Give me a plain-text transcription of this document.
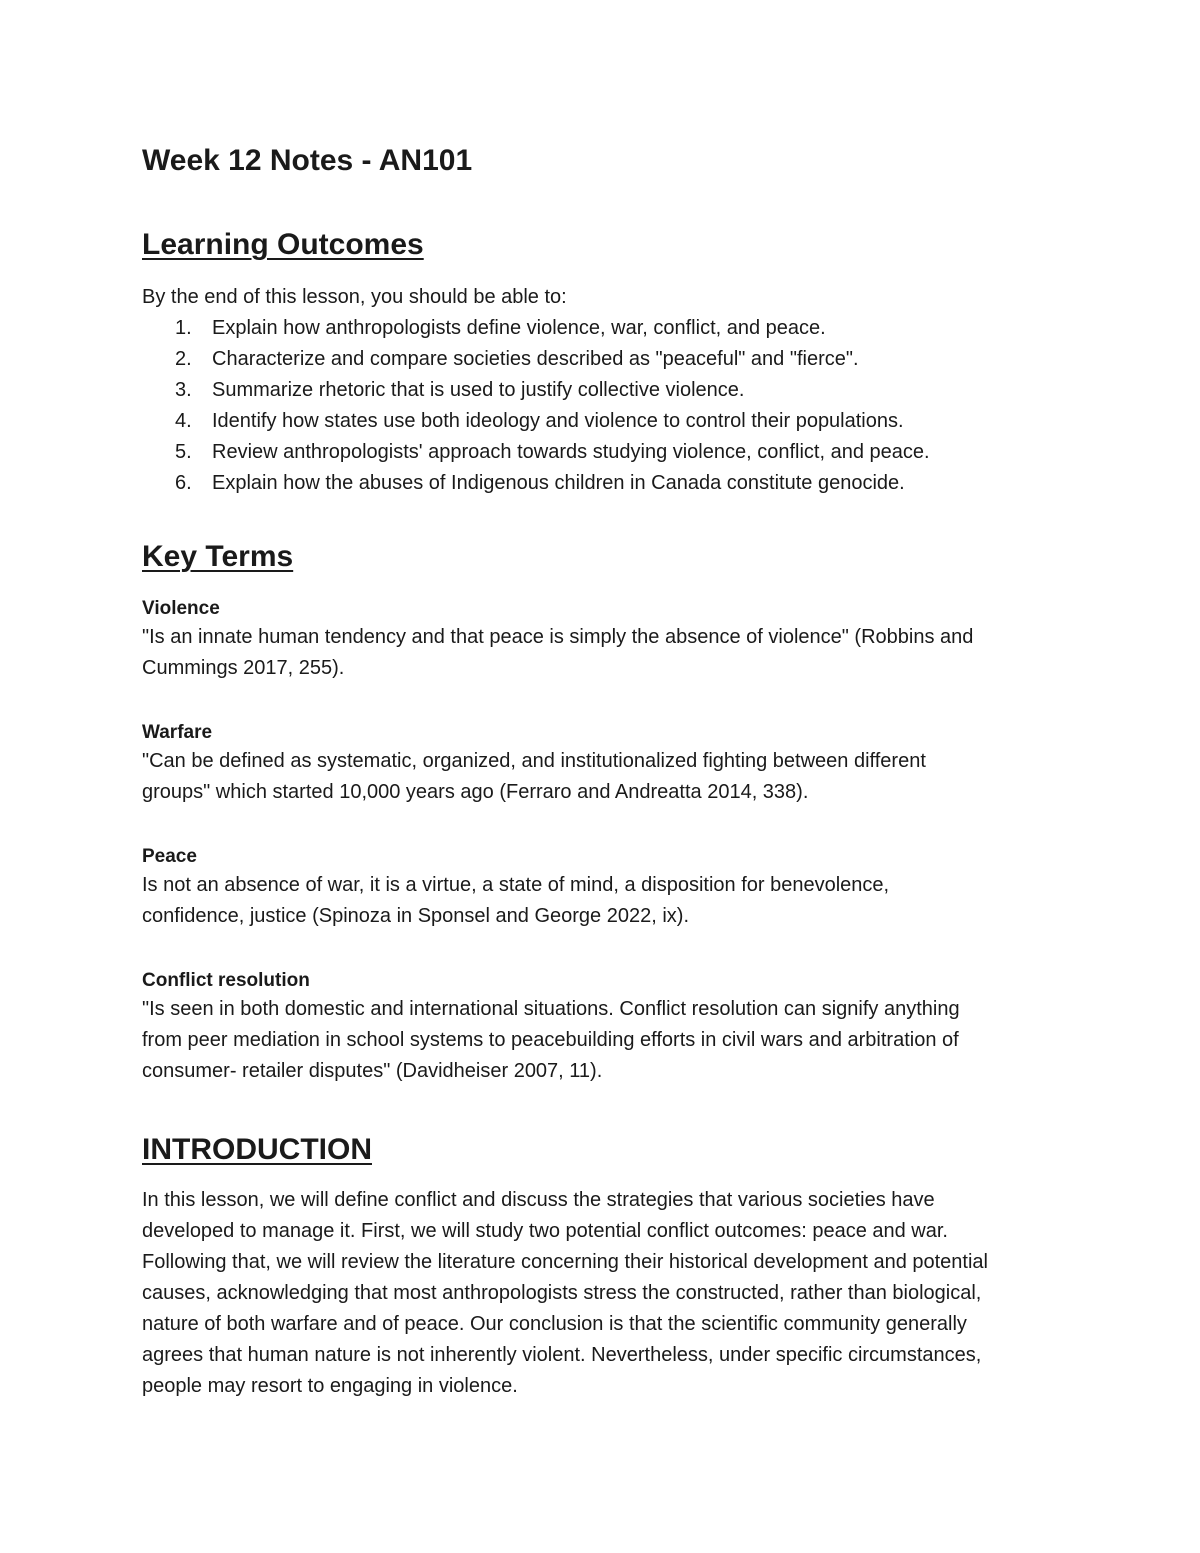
Week 12 Notes - AN101
Learning Outcomes

By the end of this lesson, you should be able to:

1. Explain how anthropologists define violence, war, conflict, and peace.
2. Characterize and compare societies described as "peaceful" and "fierce".
3. Summarize rhetoric that is used to justify collective violence.
4. Identify how states use both ideology and violence to control their populations.
5. Review anthropologists' approach towards studying violence, conflict, and peace.
6. Explain how the abuses of Indigenous children in Canada constitute genocide.
Key Terms
Violence

"Is an innate human tendency and that peace is simply the absence of violence" (Robbins and
Cummings 2017, 255).

Warfare

"Can be defined as systematic, organized, and institutionalized fighting between different
groups" which started 10,000 years ago (Ferraro and Andreatta 2014, 338).

Peace

Is not an absence of war, it is a virtue, a state of mind, a disposition for benevolence,
confidence, justice (Spinoza in Sponsel and George 2022, ix).

Conflict resolution

"Is seen in both domestic and international situations. Conflict resolution can signify anything
from peer mediation in school systems to peacebuilding efforts in civil wars and arbitration of
consumer- retailer disputes" (Davidheiser 2007, 11).

INTRODUCTION

In this lesson, we will define conflict and discuss the strategies that various societies have
developed to manage it. First, we will study two potential conflict outcomes: peace and war.
Following that, we will review the literature concerning their historical development and potential
causes, acknowledging that most anthropologists stress the constructed, rather than biological,
nature of both warfare and of peace. Our conclusion is that the scientific community generally
agrees that human nature is not inherently violent. Nevertheless, under specific circumstances,
people may resort to engaging in violence.
